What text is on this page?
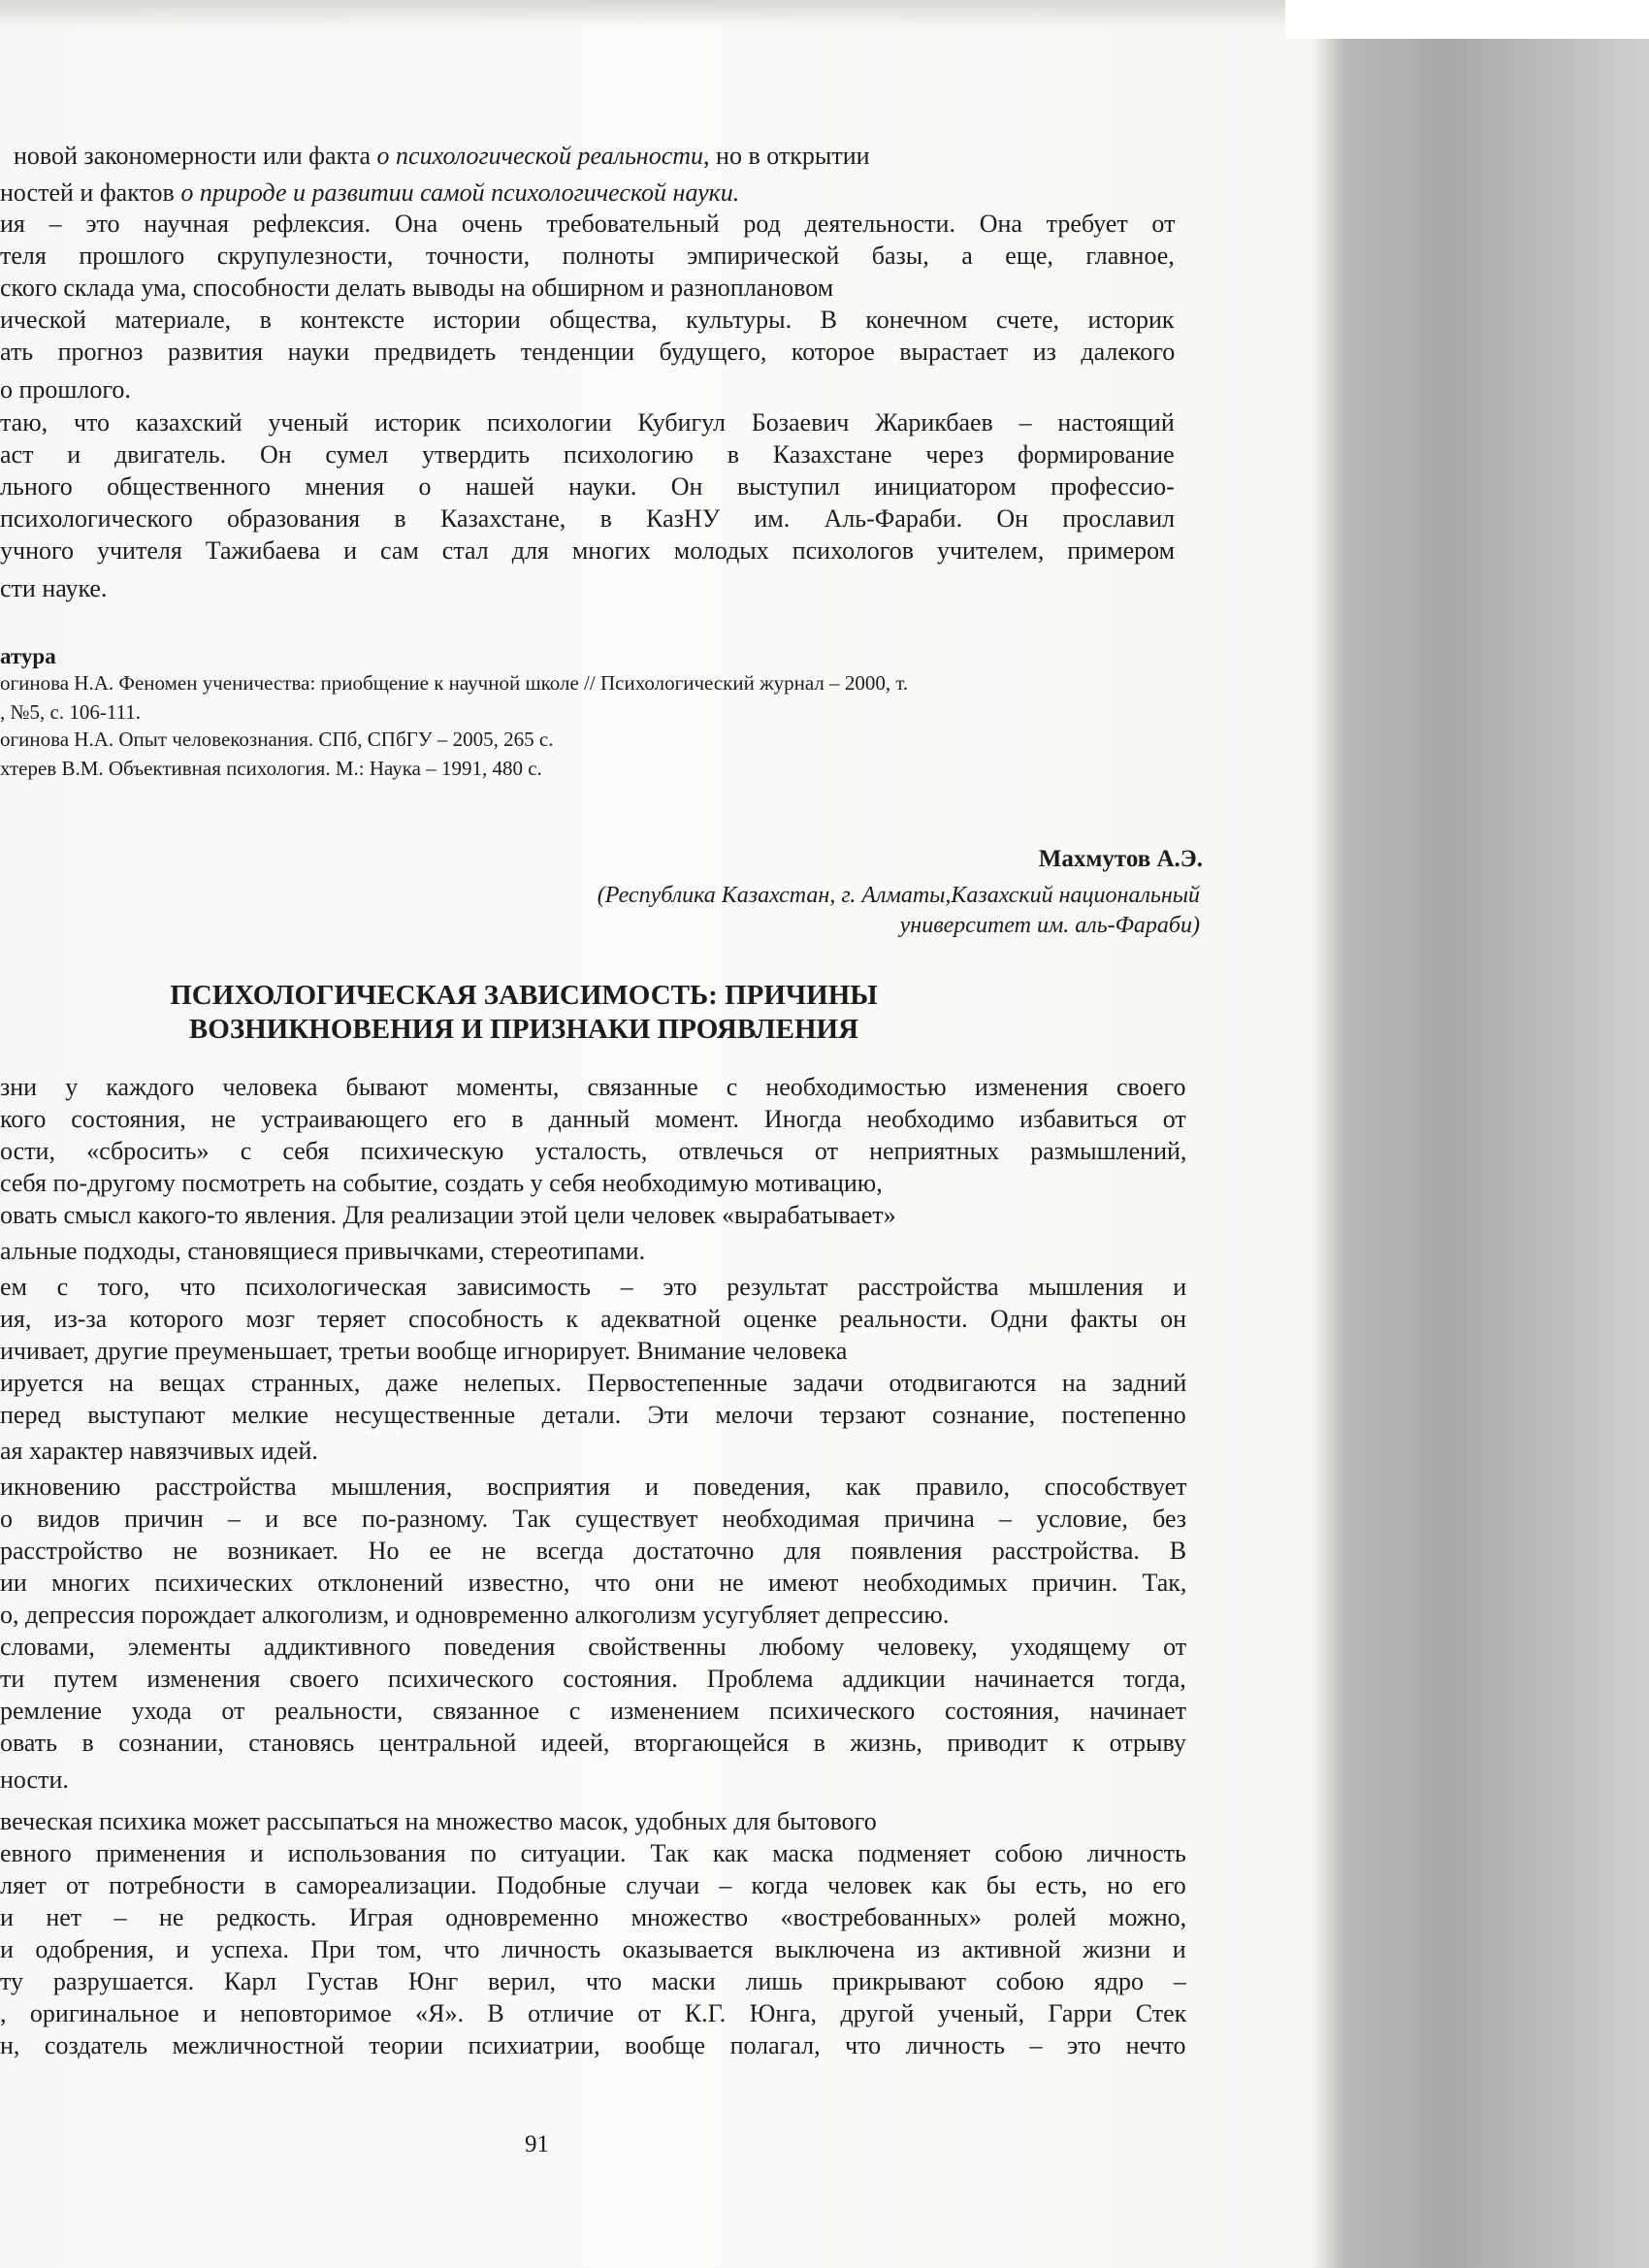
новой закономерности или факта о психологической реальности, но в открытии

ностей и фактов о природе и развитии самой психологической науки.

ия – это научная рефлексия. Она очень требовательный род деятельности. Она требует от

теля прошлого скрупулезности, точности, полноты эмпирической базы, а еще, главное,

ского склада ума, способности делать выводы на обширном и разноплановом

ической материале, в контексте истории общества, культуры. В конечном счете, историк

ать прогноз развития науки предвидеть тенденции будущего, которое вырастает из далекого

о прошлого.

таю, что казахский ученый историк психологии Кубигул Бозаевич Жарикбаев – настоящий

аст и двигатель. Он сумел утвердить психологию в Казахстане через формирование

льного общественного мнения о нашей науки. Он выступил инициатором профессио-

психологического образования в Казахстане, в КазНУ им. Аль-Фараби. Он прославил

учного учителя Тажибаева и сам стал для многих молодых психологов учителем, примером

сти науке.

атура

огинова Н.А. Феномен ученичества: приобщение к научной школе // Психологический журнал – 2000, т.

, №5, с. 106-111.

огинова Н.А. Опыт человекознания. СПб, СПбГУ – 2005, 265 с.

хтерев В.М. Объективная психология. М.: Наука – 1991, 480 с.

Махмутов А.Э.

(Республика Казахстан, г. Алматы,Казахский национальный

университет им. аль-Фараби)

ПСИХОЛОГИЧЕСКАЯ ЗАВИСИМОСТЬ: ПРИЧИНЫ

ВОЗНИКНОВЕНИЯ И ПРИЗНАКИ ПРОЯВЛЕНИЯ

зни у каждого человека бывают моменты, связанные с необходимостью изменения своего

кого состояния, не устраивающего его в данный момент. Иногда необходимо избавиться от

ости, «сбросить» с себя психическую усталость, отвлечься от неприятных размышлений,

себя по-другому посмотреть на событие, создать у себя необходимую мотивацию,

овать смысл какого-то явления. Для реализации этой цели человек «вырабатывает»

альные подходы, становящиеся привычками, стереотипами.

ем с того, что психологическая зависимость – это результат расстройства мышления и

ия, из-за которого мозг теряет способность к адекватной оценке реальности. Одни факты он

ичивает, другие преуменьшает, третьи вообще игнорирует. Внимание человека

ируется на вещах странных, даже нелепых. Первостепенные задачи отодвигаются на задний

перед выступают мелкие несущественные детали. Эти мелочи терзают сознание, постепенно

ая характер навязчивых идей.

икновению расстройства мышления, восприятия и поведения, как правило, способствует

о видов причин – и все по-разному. Так существует необходимая причина – условие, без

расстройство не возникает. Но ее не всегда достаточно для появления расстройства. В

ии многих психических отклонений известно, что они не имеют необходимых причин. Так,

о, депрессия порождает алкоголизм, и одновременно алкоголизм усугубляет депрессию.

словами, элементы аддиктивного поведения свойственны любому человеку, уходящему от

ти путем изменения своего психического состояния. Проблема аддикции начинается тогда,

ремление ухода от реальности, связанное с изменением психического состояния, начинает

овать в сознании, становясь центральной идеей, вторгающейся в жизнь, приводит к отрыву

ности.

веческая психика может рассыпаться на множество масок, удобных для бытового

евного применения и использования по ситуации. Так как маска подменяет собою личность

ляет от потребности в самореализации. Подобные случаи – когда человек как бы есть, но его

и нет – не редкость. Играя одновременно множество «востребованных» ролей можно,

и одобрения, и успеха. При том, что личность оказывается выключена из активной жизни и

ту разрушается. Карл Густав Юнг верил, что маски лишь прикрывают собою ядро –

, оригинальное и неповторимое «Я». В отличие от К.Г. Юнга, другой ученый, Гарри Стек

н, создатель межличностной теории психиатрии, вообще полагал, что личность – это нечто

91
